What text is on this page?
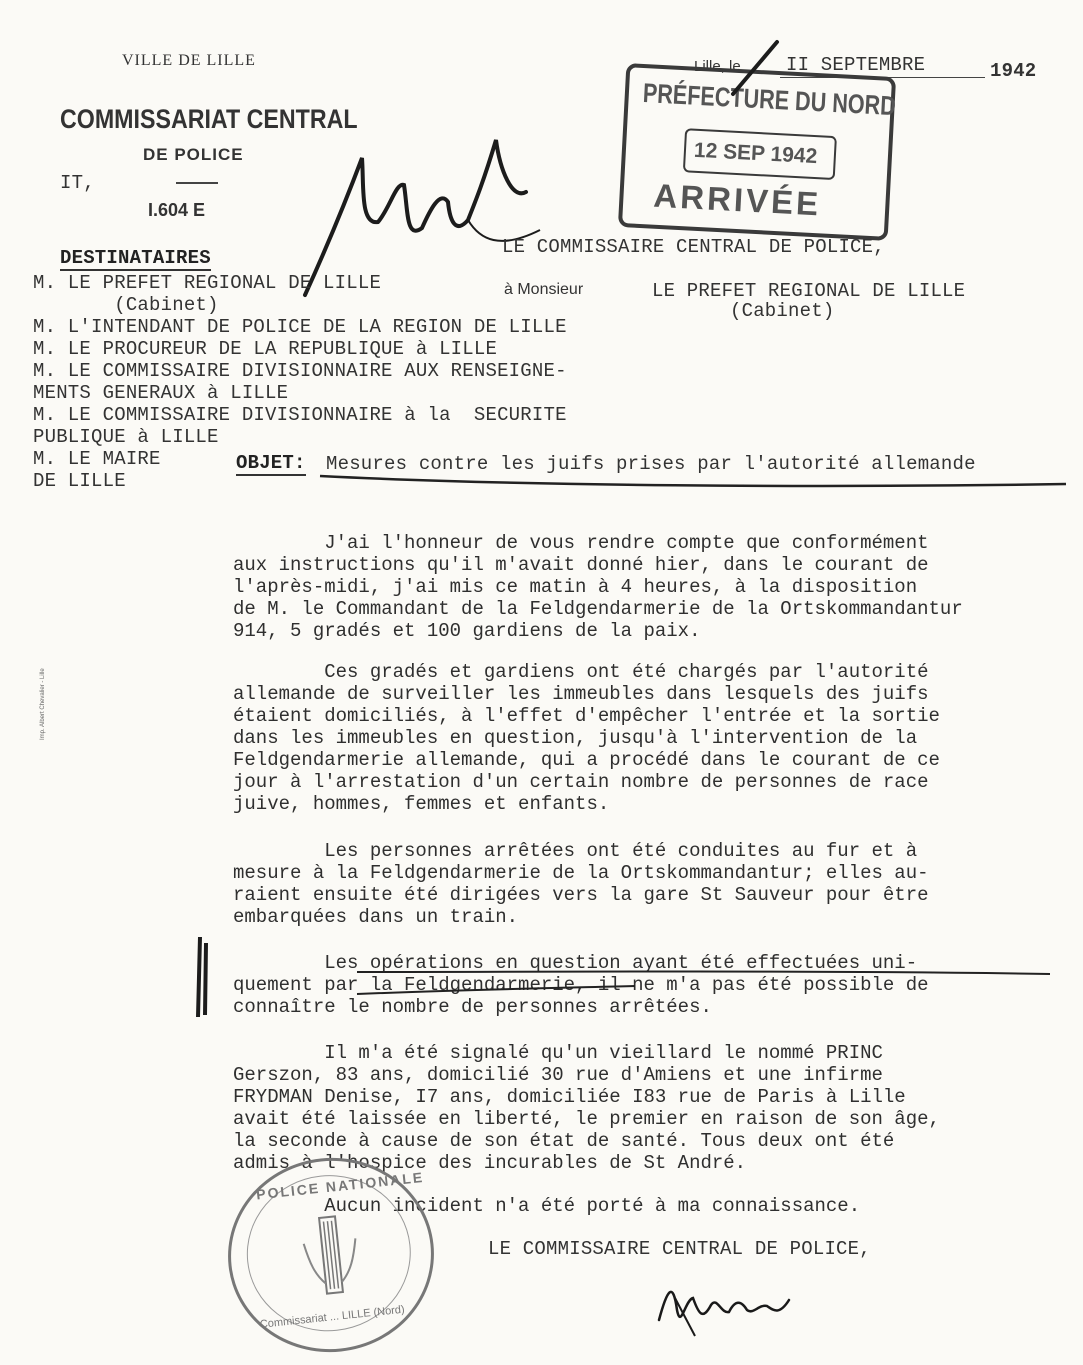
VILLE DE LILLE
COMMISSARIAT CENTRAL
DE POLICE
IT,
I.604 E
Lille, le II SEPTEMBRE	1942
PRÉFECTURE DU NORD
12 SEP 1942
ARRIVÉE
DESTINATAIRES
M. LE PREFET REGIONAL DE LILLE
(Cabinet)
M. L'INTENDANT DE POLICE DE LA REGION DE LILLE
M. LE PROCUREUR DE LA REPUBLIQUE à LILLE
M. LE COMMISSAIRE DIVISIONNAIRE AUX RENSEIGNE-
MENTS GENERAUX à LILLE
M. LE COMMISSAIRE DIVISIONNAIRE à la  SECURITE
PUBLIQUE à LILLE
M. LE MAIRE
DE LILLE
LE COMMISSAIRE CENTRAL DE POLICE,
à Monsieur	LE PREFET REGIONAL DE LILLE
(Cabinet)
OBJET: Mesures contre les juifs prises par l'autorité allemande
J'ai l'honneur de vous rendre compte que conformément
aux instructions qu'il m'avait donné hier, dans le courant de
l'après-midi, j'ai mis ce matin à 4 heures, à la disposition
de M. le Commandant de la Feldgendarmerie de la Ortskommandantur
914, 5 gradés et 100 gardiens de la paix.
Ces gradés et gardiens ont été chargés par l'autorité
allemande de surveiller les immeubles dans lesquels des juifs
étaient domiciliés, à l'effet d'empêcher l'entrée et la sortie
dans les immeubles en question, jusqu'à l'intervention de la
Feldgendarmerie allemande, qui a procédé dans le courant de ce
jour à l'arrestation d'un certain nombre de personnes de race
juive, hommes, femmes et enfants.
Les personnes arrêtées ont été conduites au fur et à
mesure à la Feldgendarmerie de la Ortskommandantur; elles au-
raient ensuite été dirigées vers la gare St Sauveur pour être
embarquées dans un train.
Les opérations en question ayant été effectuées uni-
quement par la Feldgendarmerie, il ne m'a pas été possible de
connaître le nombre de personnes arrêtées.
Il m'a été signalé qu'un vieillard le nommé PRINC
Gerszon, 83 ans, domicilié 30 rue d'Amiens et une infirme
FRYDMAN Denise, I7 ans, domiciliée I83 rue de Paris à Lille
avait été laissée en liberté, le premier en raison de son âge,
la seconde à cause de son état de santé. Tous deux ont été
admis à l'hospice des incurables de St André.
Aucun incident n'a été porté à ma connaissance.
Imp. Albert Chevalier - Lille
LE COMMISSAIRE CENTRAL DE POLICE,
POLICE NATIONALE
Commissariat ... LILLE (Nord)
